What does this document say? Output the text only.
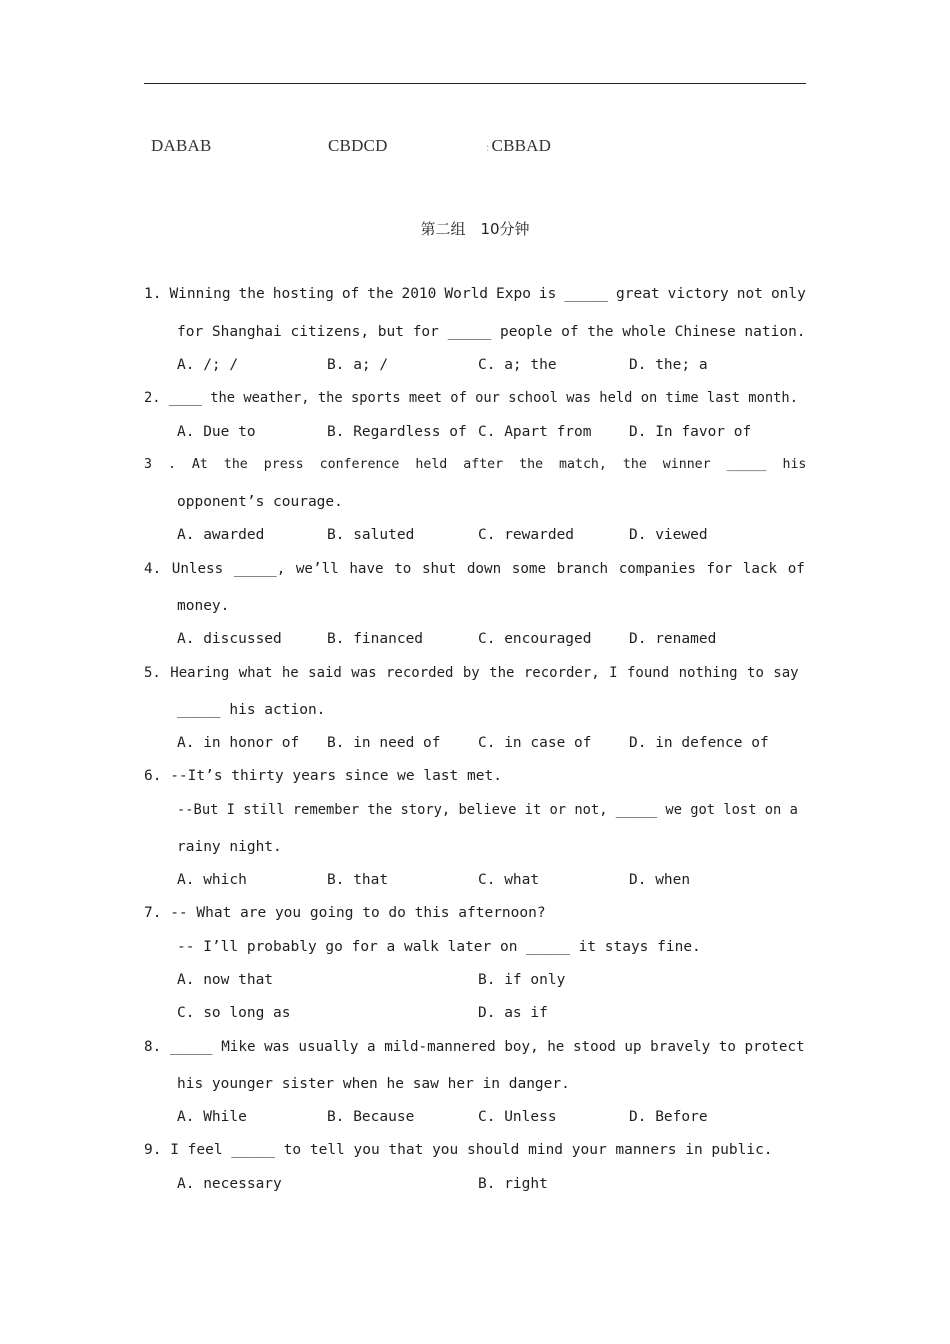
DABAB	CBDCD	: CBBAD
第二组　10分钟
1. Winning the hosting of the 2010 World Expo is _____ great victory not only
for Shanghai citizens, but for _____ people of the whole Chinese nation.
A. /; /	B. a; /	C. a; the	D. the; a
2. ____ the weather, the sports meet of our school was held on time last month.
A. Due to	B. Regardless of C. Apart from	D. In favor of
3 . At the press conference held after the match, the winner _____ his
opponent’s courage.
A. awarded	B. saluted	C. rewarded	D. viewed
4. Unless _____, we’ll have to shut down some branch companies for lack of
money.
A. discussed	B. financed	C. encouraged	D. renamed
5. Hearing what he said was recorded by the recorder, I found nothing to say
_____ his action.
A. in honor of B. in need of	C. in case of	D. in defence of
6. --It’s thirty years since we last met.
--But I still remember the story, believe it or not, _____ we got lost on a
rainy night.
A. which	B. that	C. what	D. when
7. -- What are you going to do this afternoon?
-- I’ll probably go for a walk later on _____ it stays fine.
A. now that	B. if only
C. so long as	D. as if
8. _____ Mike was usually a mild-mannered boy, he stood up bravely to protect
his younger sister when he saw her in danger.
A. While	B. Because	C. Unless	D. Before
9. I feel _____ to tell you that you should mind your manners in public.
A. necessary	B. right
